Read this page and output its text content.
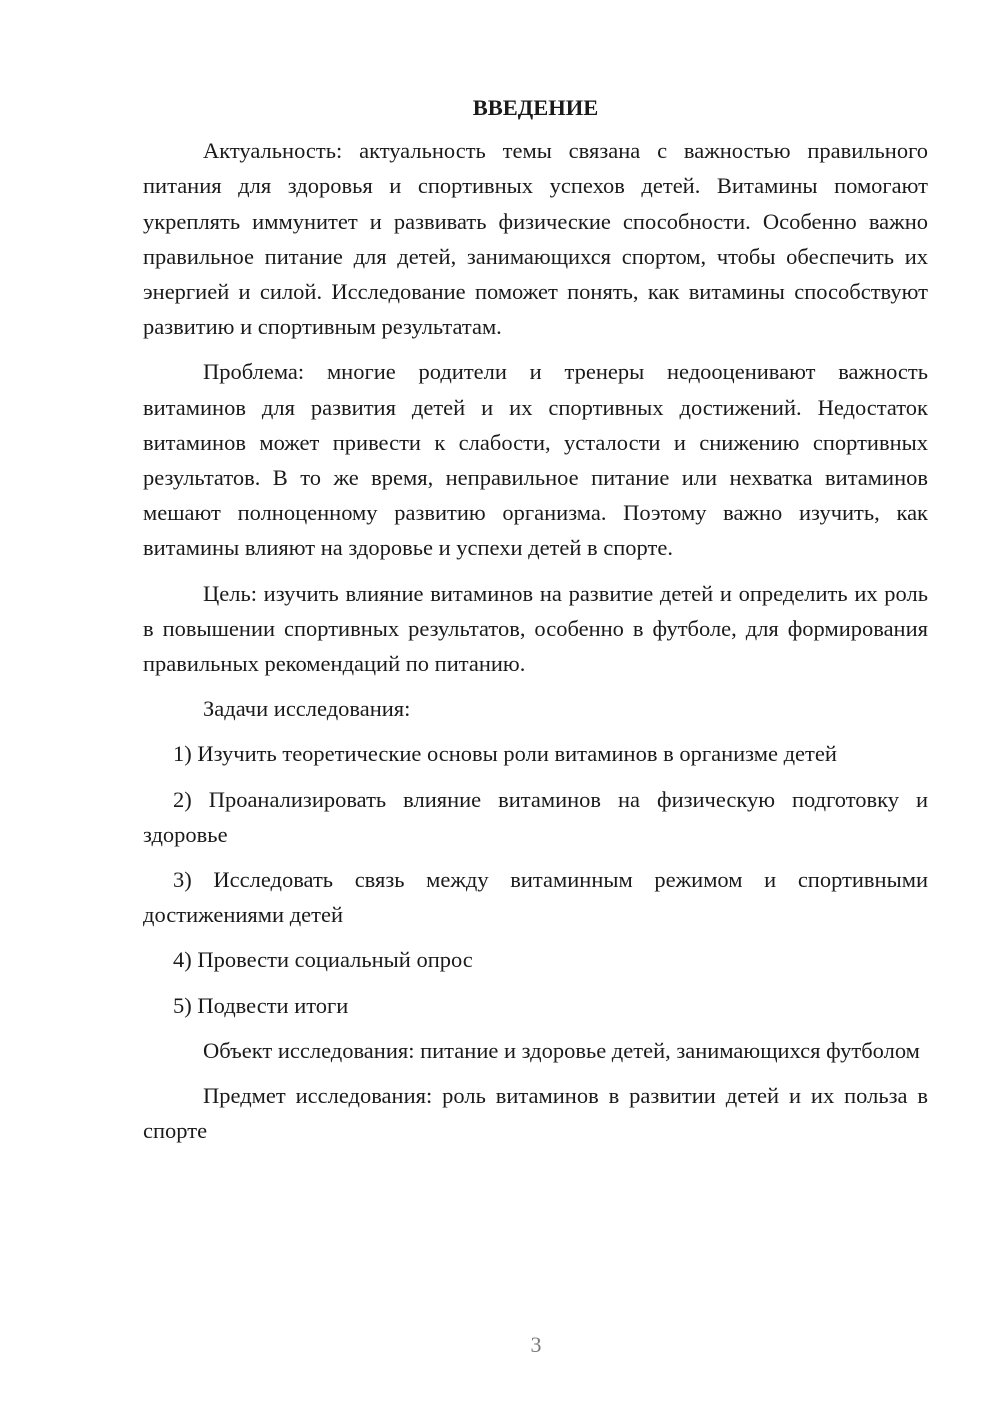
ВВЕДЕНИЕ

Актуальность: актуальность темы связана с важностью правильного питания для здоровья и спортивных успехов детей. Витамины помогают укреплять иммунитет и развивать физические способности. Особенно важно правильное питание для детей, занимающихся спортом, чтобы обеспечить их энергией и силой. Исследование поможет понять, как витамины способствуют развитию и спортивным результатам.

Проблема: многие родители и тренеры недооценивают важность витаминов для развития детей и их спортивных достижений. Недостаток витаминов может привести к слабости, усталости и снижению спортивных результатов. В то же время, неправильное питание или нехватка витаминов мешают полноценному развитию организма. Поэтому важно изучить, как витамины влияют на здоровье и успехи детей в спорте.

Цель: изучить влияние витаминов на развитие детей и определить их роль в повышении спортивных результатов, особенно в футболе, для формирования правильных рекомендаций по питанию.

Задачи исследования:

1) Изучить теоретические основы роли витаминов в организме детей

2) Проанализировать влияние витаминов на физическую подготовку и здоровье

3) Исследовать связь между витаминным режимом и спортивными достижениями детей

4) Провести социальный опрос

5) Подвести итоги

Объект исследования: питание и здоровье детей, занимающихся футболом

Предмет исследования: роль витаминов в развитии детей и их польза в спорте

3
